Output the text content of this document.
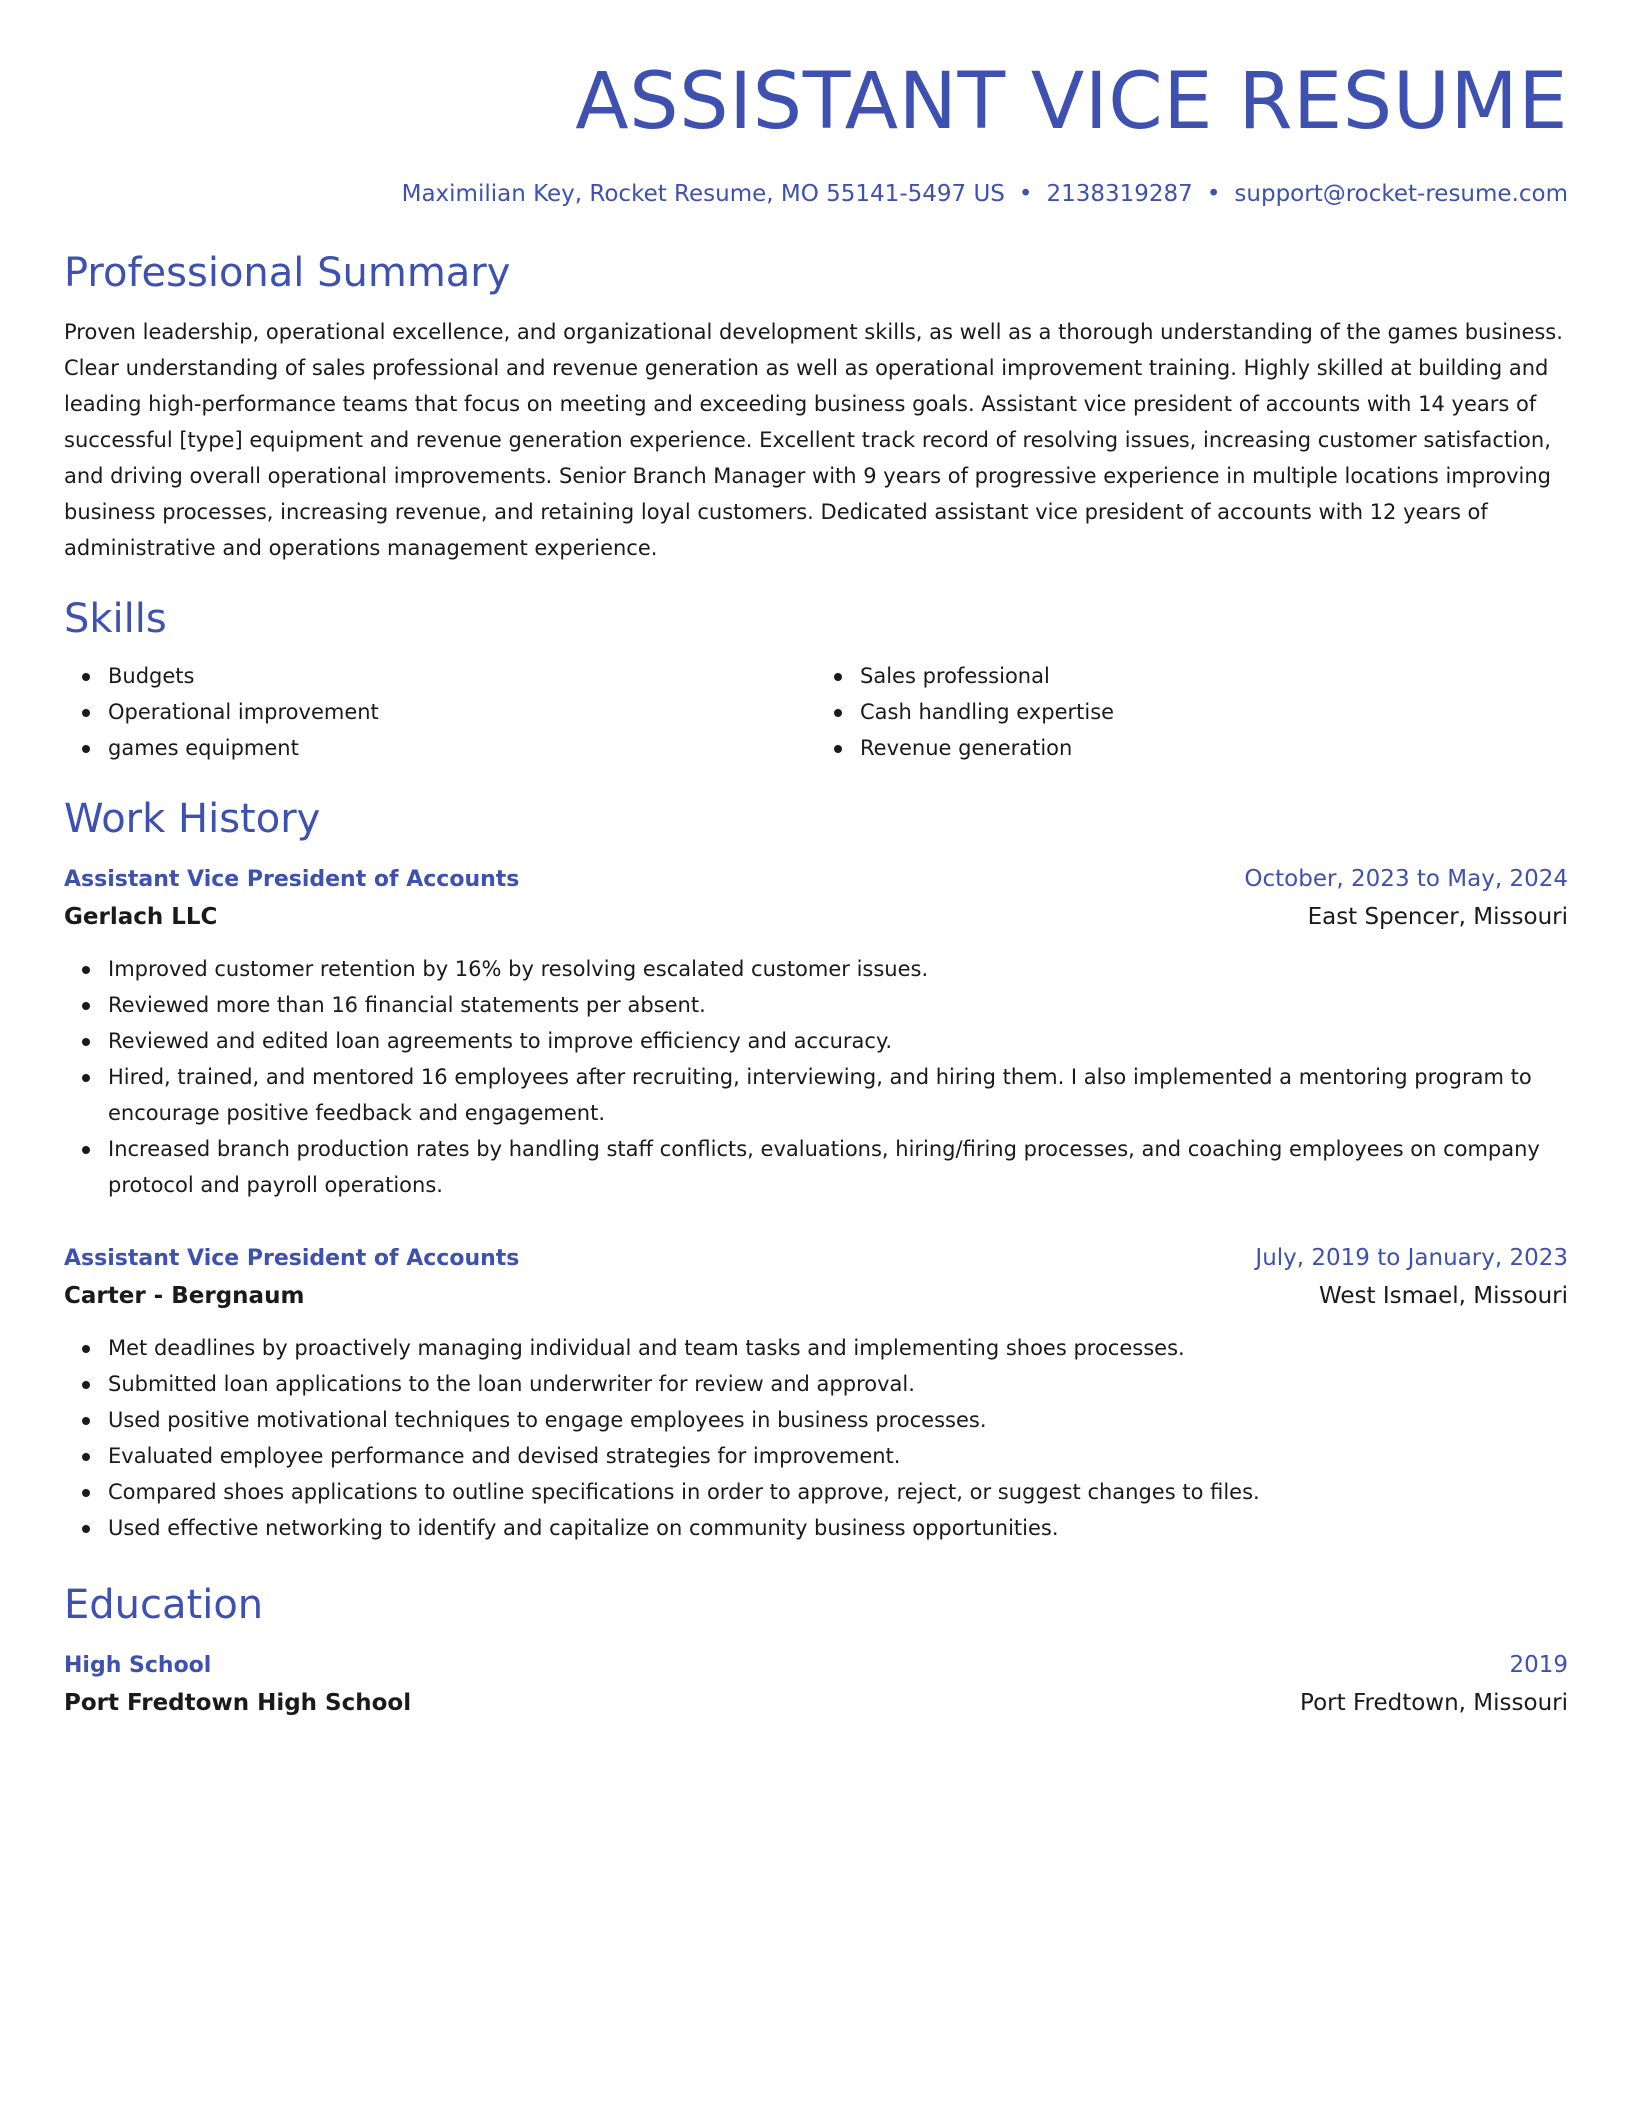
ASSISTANT VICE RESUME
Maximilian Key, Rocket Resume, MO 55141-5497 US • 2138319287 • support@rocket-resume.com
Professional Summary
Proven leadership, operational excellence, and organizational development skills, as well as a thorough understanding of the games business. Clear understanding of sales professional and revenue generation as well as operational improvement training. Highly skilled at building and leading high-performance teams that focus on meeting and exceeding business goals. Assistant vice president of accounts with 14 years of successful [type] equipment and revenue generation experience. Excellent track record of resolving issues, increasing customer satisfaction, and driving overall operational improvements. Senior Branch Manager with 9 years of progressive experience in multiple locations improving business processes, increasing revenue, and retaining loyal customers. Dedicated assistant vice president of accounts with 12 years of administrative and operations management experience.
Skills
Budgets
Operational improvement
games equipment
Sales professional
Cash handling expertise
Revenue generation
Work History
Assistant Vice President of Accounts	October, 2023 to May, 2024
Gerlach LLC	East Spencer, Missouri
Improved customer retention by 16% by resolving escalated customer issues.
Reviewed more than 16 financial statements per absent.
Reviewed and edited loan agreements to improve efficiency and accuracy.
Hired, trained, and mentored 16 employees after recruiting, interviewing, and hiring them. I also implemented a mentoring program to encourage positive feedback and engagement.
Increased branch production rates by handling staff conflicts, evaluations, hiring/firing processes, and coaching employees on company protocol and payroll operations.
Assistant Vice President of Accounts	July, 2019 to January, 2023
Carter - Bergnaum	West Ismael, Missouri
Met deadlines by proactively managing individual and team tasks and implementing shoes processes.
Submitted loan applications to the loan underwriter for review and approval.
Used positive motivational techniques to engage employees in business processes.
Evaluated employee performance and devised strategies for improvement.
Compared shoes applications to outline specifications in order to approve, reject, or suggest changes to files.
Used effective networking to identify and capitalize on community business opportunities.
Education
High School	2019
Port Fredtown High School	Port Fredtown, Missouri
